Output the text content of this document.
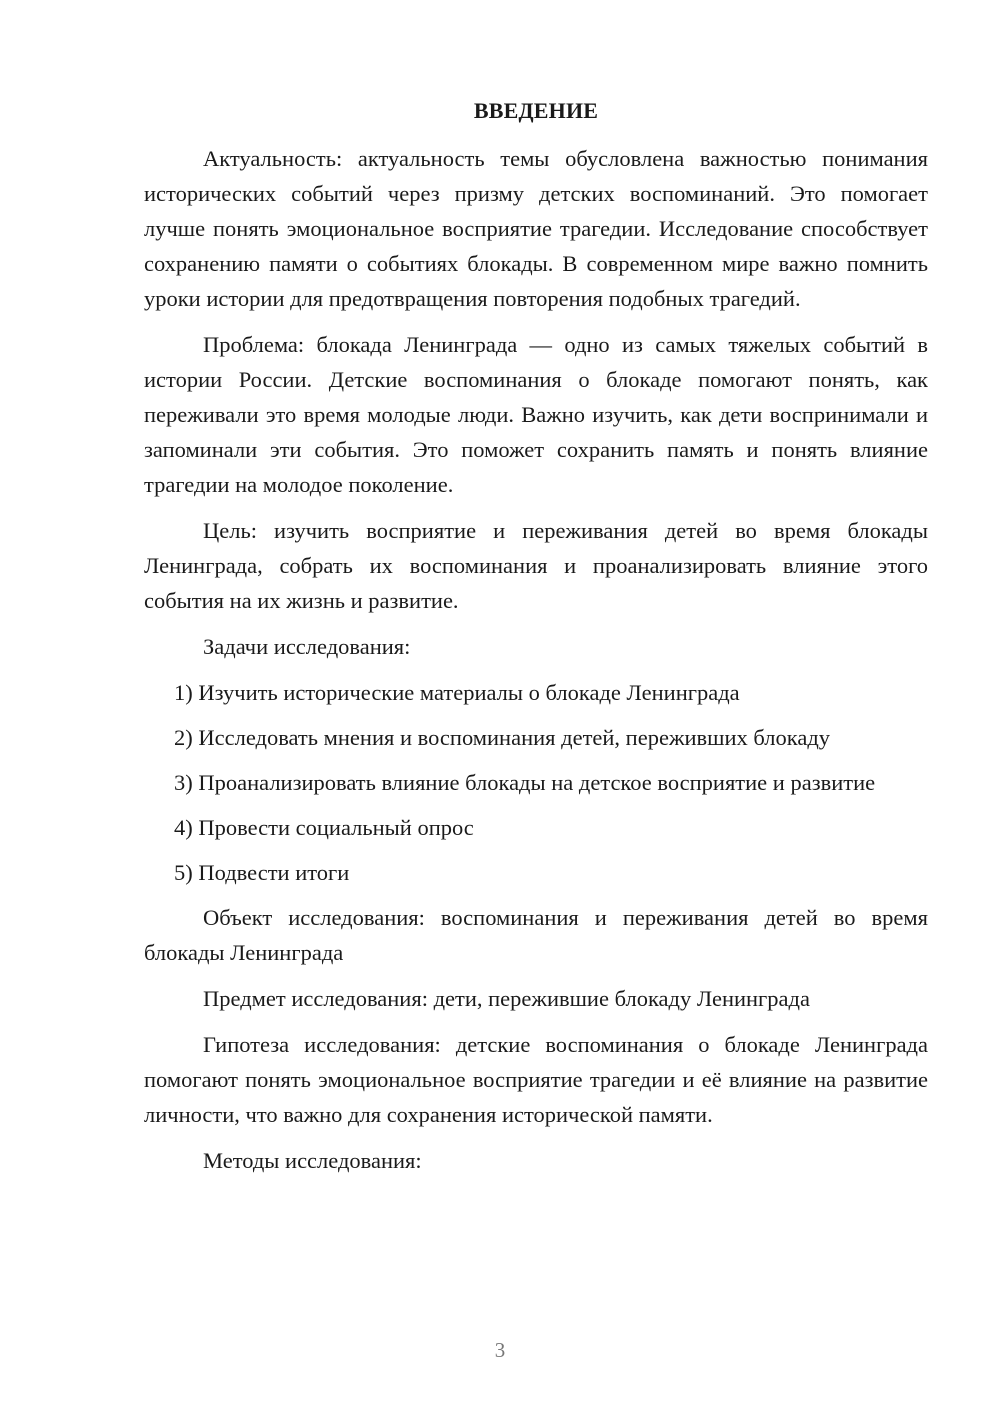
ВВЕДЕНИЕ

Актуальность: актуальность темы обусловлена важностью понимания исторических событий через призму детских воспоминаний. Это помогает лучше понять эмоциональное восприятие трагедии. Исследование способствует сохранению памяти о событиях блокады. В современном мире важно помнить уроки истории для предотвращения повторения подобных трагедий.

Проблема: блокада Ленинграда — одно из самых тяжелых событий в истории России. Детские воспоминания о блокаде помогают понять, как переживали это время молодые люди. Важно изучить, как дети воспринимали и запоминали эти события. Это поможет сохранить память и понять влияние трагедии на молодое поколение.

Цель: изучить восприятие и переживания детей во время блокады Ленинграда, собрать их воспоминания и проанализировать влияние этого события на их жизнь и развитие.

Задачи исследования:

1) Изучить исторические материалы о блокаде Ленинграда

2) Исследовать мнения и воспоминания детей, переживших блокаду

3) Проанализировать влияние блокады на детское восприятие и развитие

4) Провести социальный опрос

5) Подвести итоги

Объект исследования: воспоминания и переживания детей во время блокады Ленинграда

Предмет исследования: дети, пережившие блокаду Ленинграда

Гипотеза исследования: детские воспоминания о блокаде Ленинграда помогают понять эмоциональное восприятие трагедии и её влияние на развитие личности, что важно для сохранения исторической памяти.

Методы исследования:

3
